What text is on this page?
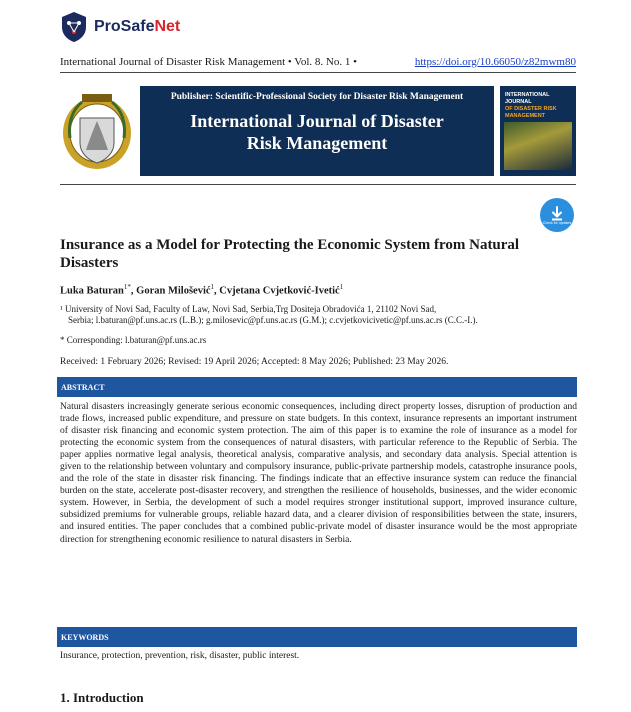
ProSafeNet
International Journal of Disaster Risk Management • Vol. 8. No. 1 •	https://doi.org/10.66050/z82mwm80
Publisher: Scientific-Professional Society for Disaster Risk Management
International Journal of Disaster
Risk Management
INTERNATIONAL JOURNAL
OF DISASTER RISK
MANAGEMENT
Check for updates
Insurance as a Model for Protecting the Economic System from Natural Disasters
Luka Baturan$^{1*}$, Goran Milošević$^1$, Cvjetana Cvjetković-Ivetić$^1$
¹ University of Novi Sad, Faculty of Law, Novi Sad, Serbia,Trg Dositeja Obradovića 1, 21102 Novi Sad,
Serbia; l.baturan@pf.uns.ac.rs (L.B.); g.milosevic@pf.uns.ac.rs (G.M.); c.cvjetkovicivetic@pf.uns.ac.rs (C.C.-I.).
* Corresponding: l.baturan@pf.uns.ac.rs
Received: 1 February 2026; Revised: 19 April 2026; Accepted: 8 May 2026; Published: 23 May 2026.
ABSTRACT

Natural disasters increasingly generate serious economic consequences, including direct property losses, disruption of production and trade flows, increased public expenditure, and pressure on state budgets. In this context, insurance represents an important instrument of disaster risk financing and economic system protection. The aim of this paper is to examine the role of insurance as a model for protecting the economic system from the consequences of natural disasters, with particular reference to the Republic of Serbia. The paper applies normative legal analysis, theoretical analysis, comparative analysis, and secondary data analysis. Special attention is given to the relationship between voluntary and compulsory insurance, public-private partnership models, catastrophe insurance pools, and the role of the state in disaster risk financing. The findings indicate that an effective insurance system can reduce the financial burden on the state, accelerate post-disaster recovery, and strengthen the resilience of households, businesses, and the wider economic system. However, in Serbia, the development of such a model requires stronger institutional support, improved insurance culture, subsidized premiums for vulnerable groups, reliable hazard data, and a clearer division of responsibilities between the state, insurers, and insured entities. The paper concludes that a combined public-private model of disaster insurance would be the most appropriate direction for strengthening economic resilience to natural disasters in Serbia.

KEYWORDS
Insurance, protection, prevention, risk, disaster, public interest.
1. Introduction
